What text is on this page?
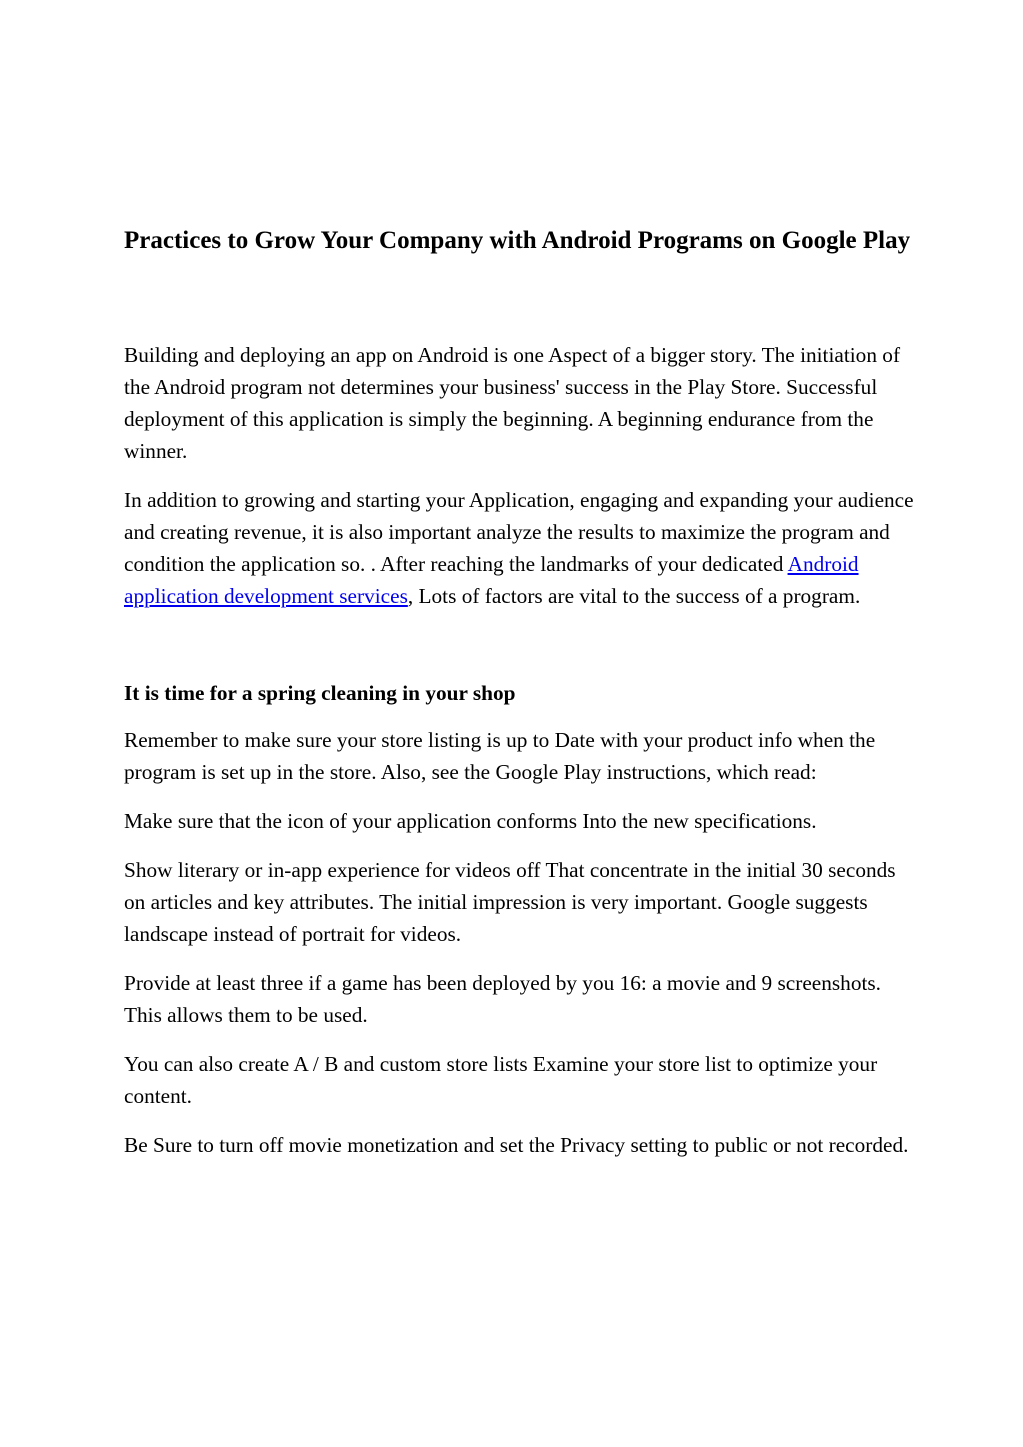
Practices to Grow Your Company with Android Programs on Google Play

Building and deploying an app on Android is one Aspect of a bigger story. The initiation of the Android program not determines your business' success in the Play Store. Successful deployment of this application is simply the beginning. A beginning endurance from the winner.

In addition to growing and starting your Application, engaging and expanding your audience and creating revenue, it is also important analyze the results to maximize the program and condition the application so. . After reaching the landmarks of your dedicated Android application development services, Lots of factors are vital to the success of a program.

It is time for a spring cleaning in your shop

Remember to make sure your store listing is up to Date with your product info when the program is set up in the store. Also, see the Google Play instructions, which read:

Make sure that the icon of your application conforms Into the new specifications.

Show literary or in-app experience for videos off That concentrate in the initial 30 seconds on articles and key attributes. The initial impression is very important. Google suggests landscape instead of portrait for videos.

Provide at least three if a game has been deployed by you 16: a movie and 9 screenshots. This allows them to be used.

You can also create A / B and custom store lists Examine your store list to optimize your content.

Be Sure to turn off movie monetization and set the Privacy setting to public or not recorded.
